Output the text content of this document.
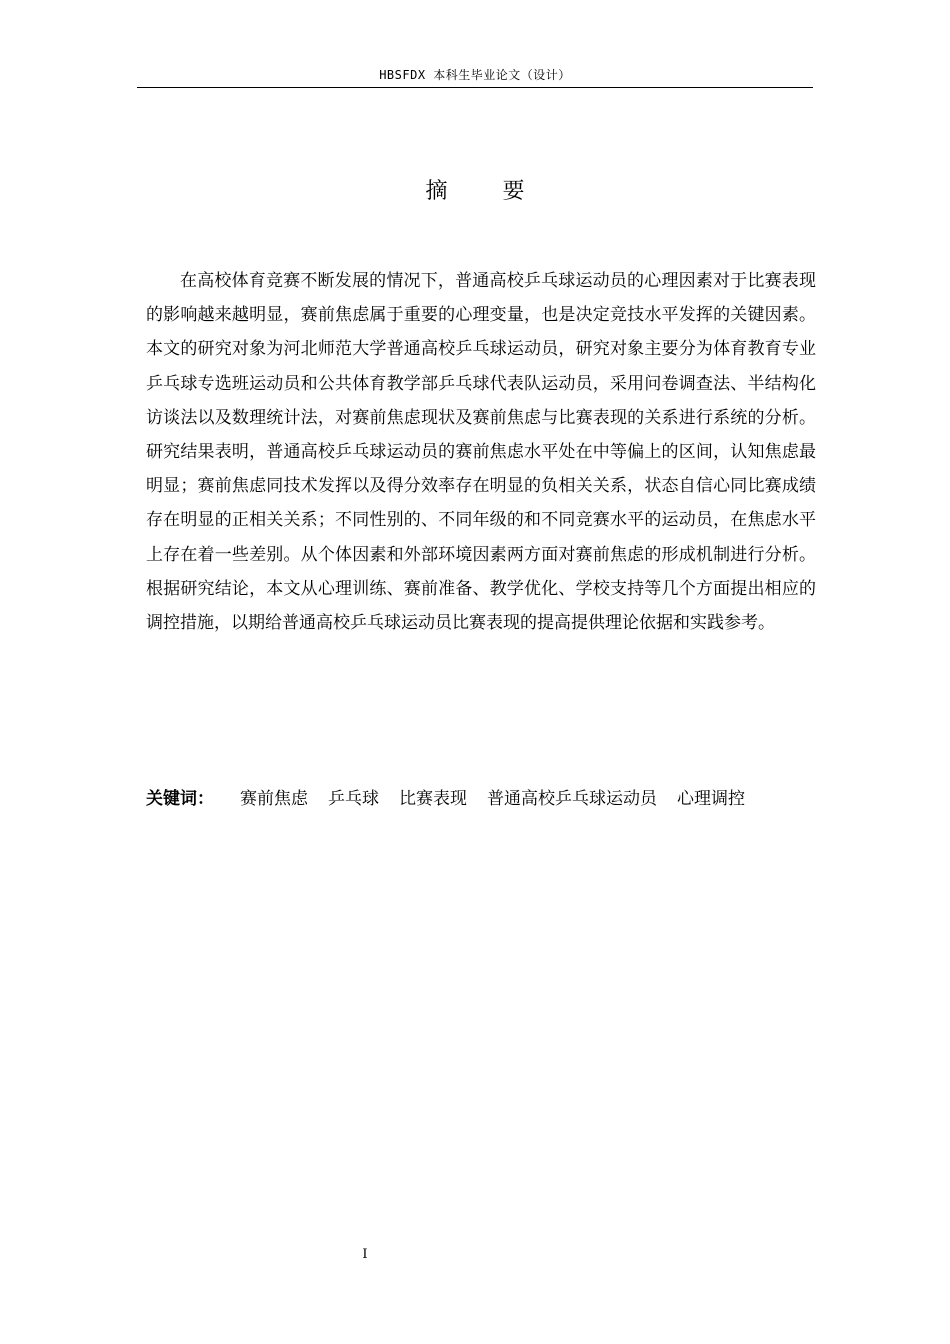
HBSFDX 本科生毕业论文（设计）
摘 要

在高校体育竞赛不断发展的情况下，普通高校乒乓球运动员的心理因素对于比赛表现的影响越来越明显，赛前焦虑属于重要的心理变量，也是决定竞技水平发挥的关键因素。本文的研究对象为河北师范大学普通高校乒乓球运动员，研究对象主要分为体育教育专业乒乓球专选班运动员和公共体育教学部乒乓球代表队运动员，采用问卷调查法、半结构化访谈法以及数理统计法，对赛前焦虑现状及赛前焦虑与比赛表现的关系进行系统的分析。研究结果表明，普通高校乒乓球运动员的赛前焦虑水平处在中等偏上的区间，认知焦虑最明显；赛前焦虑同技术发挥以及得分效率存在明显的负相关关系，状态自信心同比赛成绩存在明显的正相关关系；不同性别的、不同年级的和不同竞赛水平的运动员，在焦虑水平上存在着一些差别。从个体因素和外部环境因素两方面对赛前焦虑的形成机制进行分析。根据研究结论，本文从心理训练、赛前准备、教学优化、学校支持等几个方面提出相应的调控措施，以期给普通高校乒乓球运动员比赛表现的提高提供理论依据和实践参考。

关键词： 赛前焦虑 乒乓球 比赛表现 普通高校乒乓球运动员 心理调控
I
